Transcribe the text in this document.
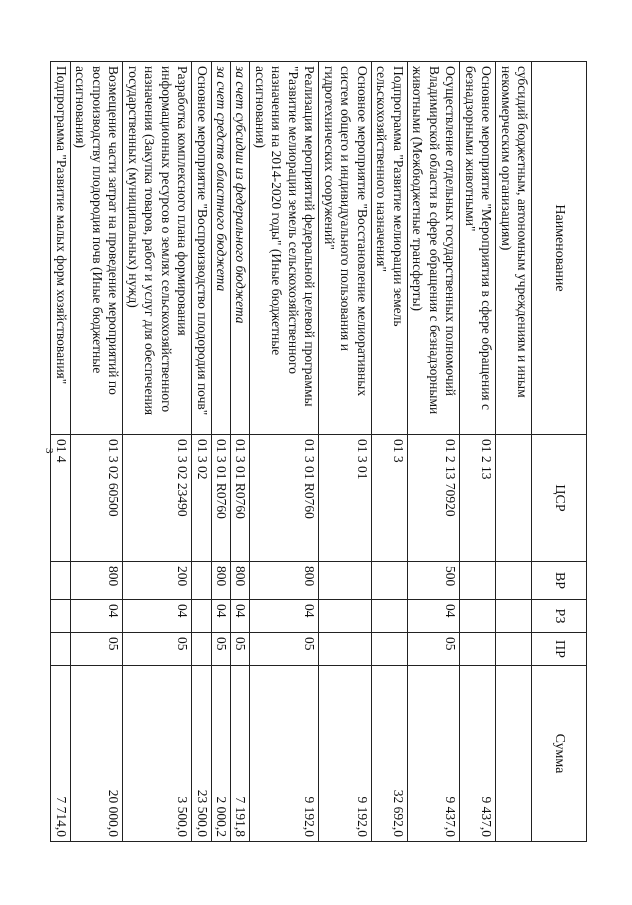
3
Наименование	ЦСР	ВР	РЗ	ПР	Сумма
субсидий бюджетным, автономным учреждениям и иным некоммерческим организациям)					
Основное мероприятие "Мероприятия в сфере обращения с безнадзорными животными"	01 2 13				9 437,0
Осуществление отдельных государственных полномочий Владимирской области в сфере обращения с безнадзорными животными (Межбюджетные трансферты)	01 2 13 70920	500	04	05	9 437,0
Подпрограмма "Развитие мелиорации земель сельскохозяйственного назначения"	01 3				32 692,0
Основное мероприятие "Восстановление мелиоративных систем общего и индивидуального пользования и гидротехнических сооружений"	01 3 01				9 192,0
Реализация мероприятий федеральной целевой программы "Развитие мелиорации земель сельскохозяйственного назначения на 2014-2020 годы" (Иные бюджетные ассигнования)	01 3 01 R0760	800	04	05	9 192,0
за счет субсидии из федерального бюджета	01 3 01 R0760	800	04	05	7 191,8
за счет средств областного бюджета	01 3 01 R0760	800	04	05	2 000,2
Основное мероприятие "Воспроизводство плодородия почв"	01 3 02				23 500,0
Разработка комплексного плана формирования информационных ресурсов о землях сельскохозяйственного назначения (Закупка товаров, работ и услуг для обеспечения государственных (муниципальных) нужд)	01 3 02 23490	200	04	05	3 500,0
Возмещение части затрат на проведение мероприятий по воспроизводству плодородия почв (Иные бюджетные ассигнования)	01 3 02 60500	800	04	05	20 000,0
Подпрограмма "Развитие малых форм хозяйствования"	01 4				7 714,0
